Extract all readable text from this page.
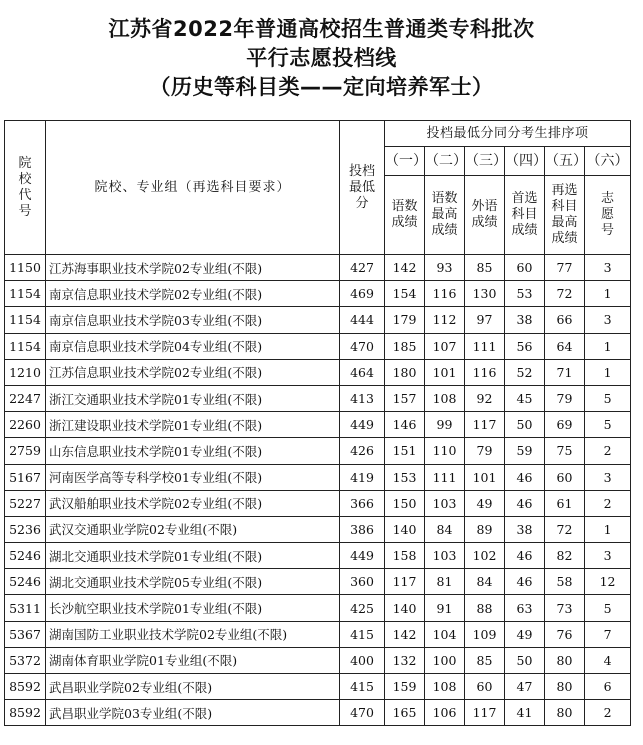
江苏省2022年普通高校招生普通类专科批次
平行志愿投档线
（历史等科目类——定向培养军士）
院校代号	院校、专业组（再选科目要求）	投档最低分	投档最低分同分考生排序项					
			（一）	（二）	（三）	（四）	（五）	（六）
			语数成绩	语数最高成绩	外语成绩	首选科目成绩	再选科目最高成绩	志愿号
1150	江苏海事职业技术学院02专业组(不限)	427	142	93	85	60	77	3
1154	南京信息职业技术学院02专业组(不限)	469	154	116	130	53	72	1
1154	南京信息职业技术学院03专业组(不限)	444	179	112	97	38	66	3
1154	南京信息职业技术学院04专业组(不限)	470	185	107	111	56	64	1
1210	江苏信息职业技术学院02专业组(不限)	464	180	101	116	52	71	1
2247	浙江交通职业技术学院01专业组(不限)	413	157	108	92	45	79	5
2260	浙江建设职业技术学院01专业组(不限)	449	146	99	117	50	69	5
2759	山东信息职业技术学院01专业组(不限)	426	151	110	79	59	75	2
5167	河南医学高等专科学校01专业组(不限)	419	153	111	101	46	60	3
5227	武汉船舶职业技术学院02专业组(不限)	366	150	103	49	46	61	2
5236	武汉交通职业学院02专业组(不限)	386	140	84	89	38	72	1
5246	湖北交通职业技术学院01专业组(不限)	449	158	103	102	46	82	3
5246	湖北交通职业技术学院05专业组(不限)	360	117	81	84	46	58	12
5311	长沙航空职业技术学院01专业组(不限)	425	140	91	88	63	73	5
5367	湖南国防工业职业技术学院02专业组(不限)	415	142	104	109	49	76	7
5372	湖南体育职业学院01专业组(不限)	400	132	100	85	50	80	4
8592	武昌职业学院02专业组(不限)	415	159	108	60	47	80	6
8592	武昌职业学院03专业组(不限)	470	165	106	117	41	80	2
